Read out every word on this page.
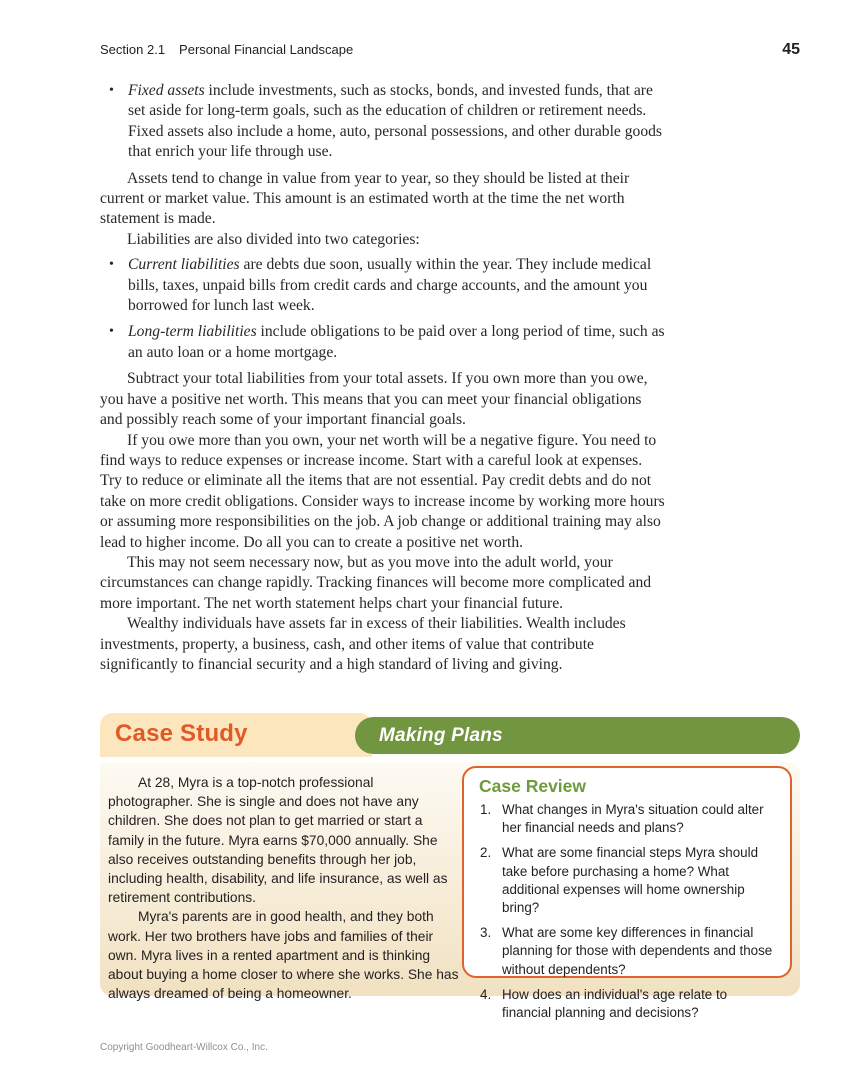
Section 2.1 Personal Financial Landscape	45
• Fixed assets include investments, such as stocks, bonds, and invested funds, that are set aside for long-term goals, such as the education of children or retirement needs. Fixed assets also include a home, auto, personal possessions, and other durable goods that enrich your life through use.

Assets tend to change in value from year to year, so they should be listed at their current or market value. This amount is an estimated worth at the time the net worth statement is made.

Liabilities are also divided into two categories:

• Current liabilities are debts due soon, usually within the year. They include medical bills, taxes, unpaid bills from credit cards and charge accounts, and the amount you borrowed for lunch last week.
• Long-term liabilities include obligations to be paid over a long period of time, such as an auto loan or a home mortgage.

Subtract your total liabilities from your total assets. If you own more than you owe, you have a positive net worth. This means that you can meet your financial obligations and possibly reach some of your important financial goals.

If you owe more than you own, your net worth will be a negative figure. You need to find ways to reduce expenses or increase income. Start with a careful look at expenses. Try to reduce or eliminate all the items that are not essential. Pay credit debts and do not take on more credit obligations. Consider ways to increase income by working more hours or assuming more responsibilities on the job. A job change or additional training may also lead to higher income. Do all you can to create a positive net worth.

This may not seem necessary now, but as you move into the adult world, your circumstances can change rapidly. Tracking finances will become more complicated and more important. The net worth statement helps chart your financial future.

Wealthy individuals have assets far in excess of their liabilities. Wealth includes investments, property, a business, cash, and other items of value that contribute significantly to financial security and a high standard of living and giving.

Case Study	Making Plans

At 28, Myra is a top-notch professional photographer. She is single and does not have any children. She does not plan to get married or start a family in the future. Myra earns $70,000 annually. She also receives outstanding benefits through her job, including health, disability, and life insurance, as well as retirement contributions.

Myra's parents are in good health, and they both work. Her two brothers have jobs and families of their own. Myra lives in a rented apartment and is thinking about buying a home closer to where she works. She has always dreamed of being a homeowner.

Case Review
1. What changes in Myra's situation could alter her financial needs and plans?
2. What are some financial steps Myra should take before purchasing a home? What additional expenses will home ownership bring?
3. What are some key differences in financial planning for those with dependents and those without dependents?
4. How does an individual's age relate to financial planning and decisions?
Copyright Goodheart-Willcox Co., Inc.
